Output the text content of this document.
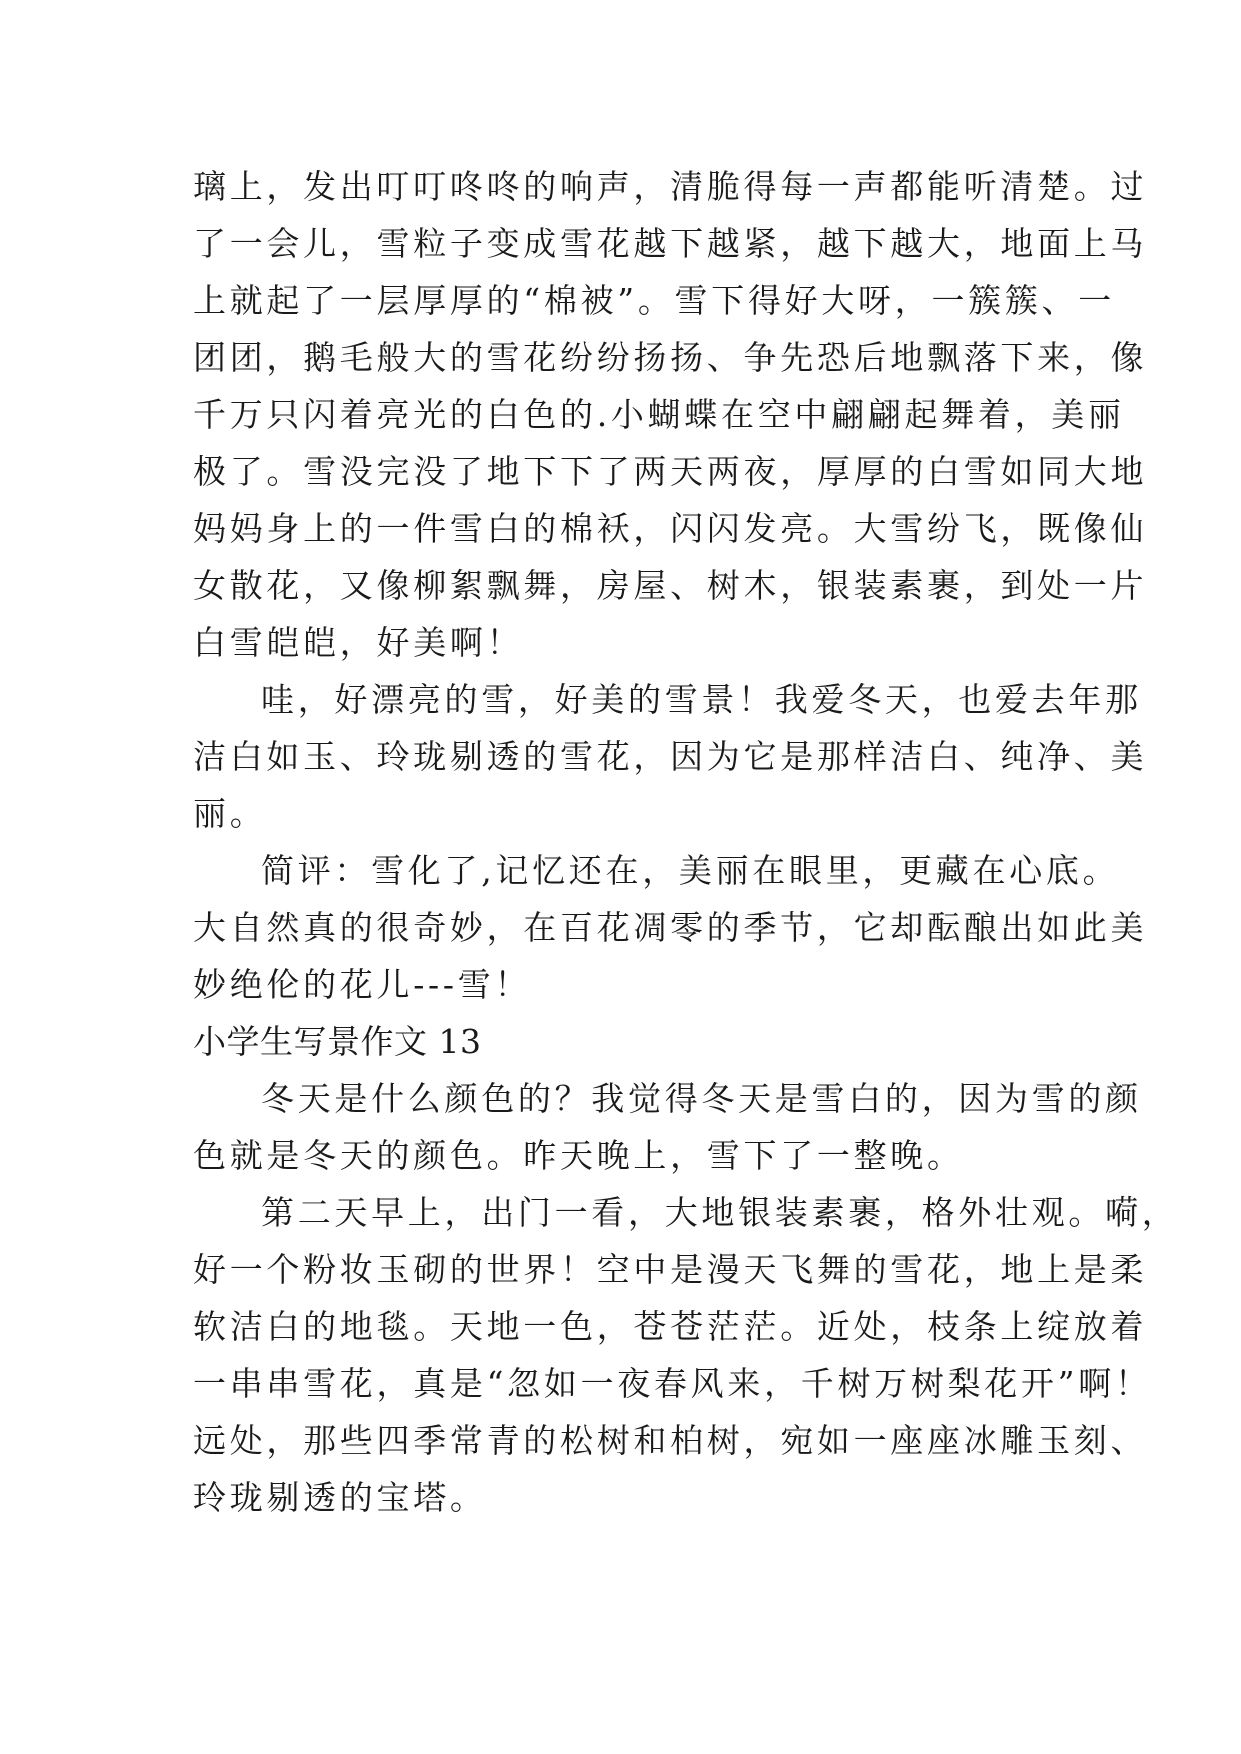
璃上，发出叮叮咚咚的响声，清脆得每一声都能听清楚。过
了一会儿，雪粒子变成雪花越下越紧，越下越大，地面上马
上就起了一层厚厚的“棉被”。雪下得好大呀，一簇簇、一
团团，鹅毛般大的雪花纷纷扬扬、争先恐后地飘落下来，像
千万只闪着亮光的白色的.小蝴蝶在空中翩翩起舞着，美丽
极了。雪没完没了地下下了两天两夜，厚厚的白雪如同大地
妈妈身上的一件雪白的棉袄，闪闪发亮。大雪纷飞，既像仙
女散花，又像柳絮飘舞，房屋、树木，银装素裹，到处一片
白雪皑皑，好美啊！
哇，好漂亮的雪，好美的雪景！我爱冬天，也爱去年那
洁白如玉、玲珑剔透的雪花，因为它是那样洁白、纯净、美
丽。
简评：雪化了,记忆还在，美丽在眼里，更藏在心底。
大自然真的很奇妙，在百花凋零的季节，它却酝酿出如此美
妙绝伦的花儿---雪！
小学生写景作文 13
冬天是什么颜色的？我觉得冬天是雪白的，因为雪的颜
色就是冬天的颜色。昨天晚上，雪下了一整晚。
第二天早上，出门一看，大地银装素裹，格外壮观。嗬，
好一个粉妆玉砌的世界！空中是漫天飞舞的雪花，地上是柔
软洁白的地毯。天地一色，苍苍茫茫。近处，枝条上绽放着
一串串雪花，真是“忽如一夜春风来，千树万树梨花开”啊！
远处，那些四季常青的松树和柏树，宛如一座座冰雕玉刻、
玲珑剔透的宝塔。
